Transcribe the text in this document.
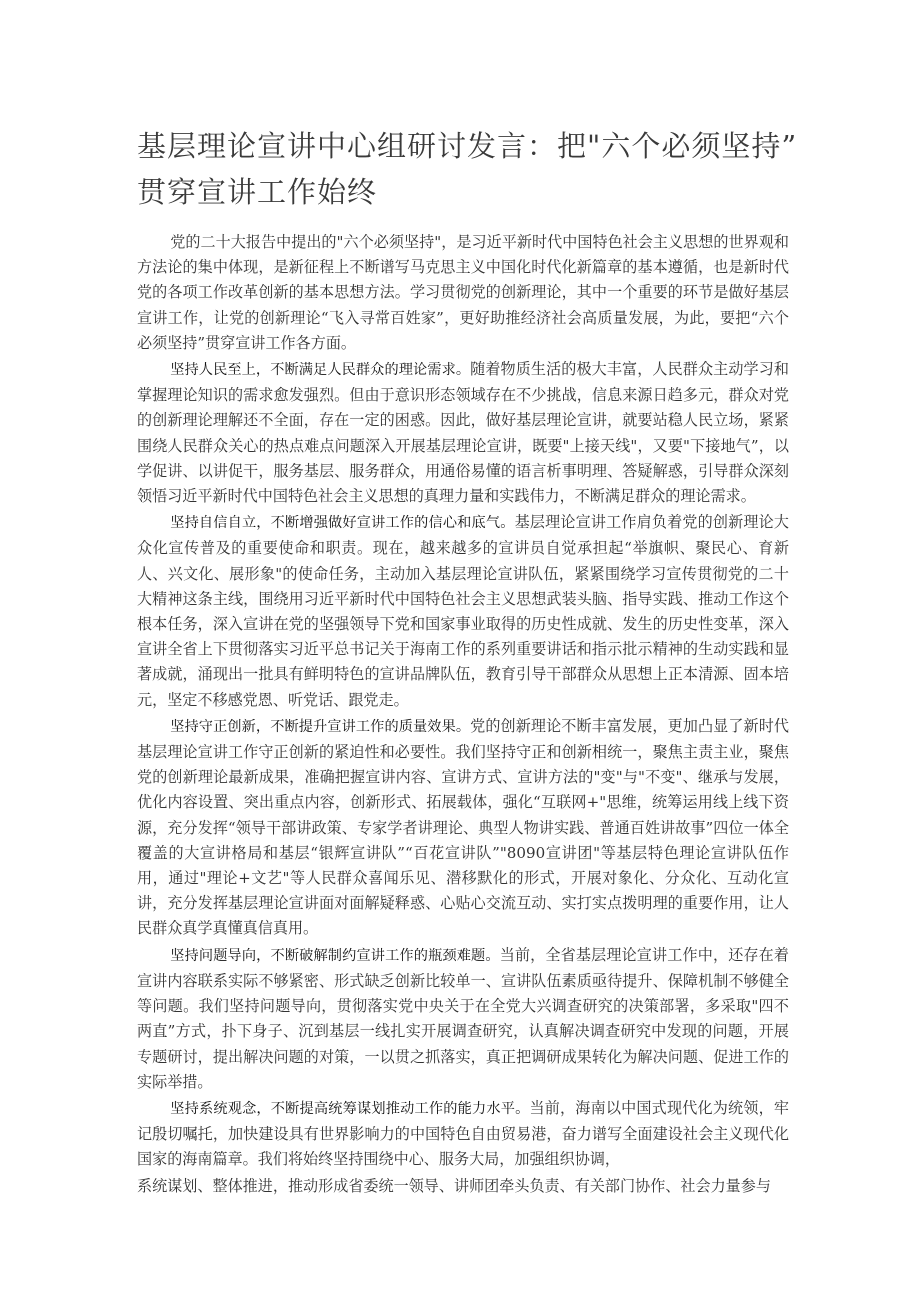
基层理论宣讲中心组研讨发言：把"六个必须坚持”
贯穿宣讲工作始终

党的二十大报告中提出的"六个必须坚持"，是习近平新时代中国特色社会主义思想的世界观和方法论的集中体现，是新征程上不断谱写马克思主义中国化时代化新篇章的基本遵循，也是新时代党的各项工作改革创新的基本思想方法。学习贯彻党的创新理论，其中一个重要的环节是做好基层宣讲工作，让党的创新理论“飞入寻常百姓家”，更好助推经济社会高质量发展，为此，要把“六个必须坚持”贯穿宣讲工作各方面。

坚持人民至上，不断满足人民群众的理论需求。随着物质生活的极大丰富，人民群众主动学习和掌握理论知识的需求愈发强烈。但由于意识形态领域存在不少挑战，信息来源日趋多元，群众对党的创新理论理解还不全面，存在一定的困惑。因此，做好基层理论宣讲，就要站稳人民立场，紧紧围绕人民群众关心的热点难点问题深入开展基层理论宣讲，既要"上接天线"，又要"下接地气”，以学促讲、以讲促干，服务基层、服务群众，用通俗易懂的语言析事明理、答疑解惑，引导群众深刻领悟习近平新时代中国特色社会主义思想的真理力量和实践伟力，不断满足群众的理论需求。

坚持自信自立，不断增强做好宣讲工作的信心和底气。基层理论宣讲工作肩负着党的创新理论大众化宣传普及的重要使命和职责。现在，越来越多的宣讲员自觉承担起“举旗帜、聚民心、育新人、兴文化、展形象"的使命任务，主动加入基层理论宣讲队伍，紧紧围绕学习宣传贯彻党的二十大精神这条主线，围绕用习近平新时代中国特色社会主义思想武装头脑、指导实践、推动工作这个根本任务，深入宣讲在党的坚强领导下党和国家事业取得的历史性成就、发生的历史性变革，深入宣讲全省上下贯彻落实习近平总书记关于海南工作的系列重要讲话和指示批示精神的生动实践和显著成就，涌现出一批具有鲜明特色的宣讲品牌队伍，教育引导干部群众从思想上正本清源、固本培元，坚定不移感党恩、听党话、跟党走。

坚持守正创新，不断提升宣讲工作的质量效果。党的创新理论不断丰富发展，更加凸显了新时代基层理论宣讲工作守正创新的紧迫性和必要性。我们坚持守正和创新相统一，聚焦主责主业，聚焦党的创新理论最新成果，准确把握宣讲内容、宣讲方式、宣讲方法的"变"与"不变"、继承与发展，优化内容设置、突出重点内容，创新形式、拓展载体，强化“互联网+"思维，统筹运用线上线下资源，充分发挥“领导干部讲政策、专家学者讲理论、典型人物讲实践、普通百姓讲故事”四位一体全覆盖的大宣讲格局和基层“银辉宣讲队”“百花宣讲队”"8090宣讲团"等基层特色理论宣讲队伍作用，通过"理论+文艺"等人民群众喜闻乐见、潜移默化的形式，开展对象化、分众化、互动化宣讲，充分发挥基层理论宣讲面对面解疑释惑、心贴心交流互动、实打实点拨明理的重要作用，让人民群众真学真懂真信真用。

坚持问题导向，不断破解制约宣讲工作的瓶颈难题。当前，全省基层理论宣讲工作中，还存在着宣讲内容联系实际不够紧密、形式缺乏创新比较单一、宣讲队伍素质亟待提升、保障机制不够健全等问题。我们坚持问题导向，贯彻落实党中央关于在全党大兴调查研究的决策部署，多采取"四不两直”方式，扑下身子、沉到基层一线扎实开展调查研究，认真解决调查研究中发现的问题，开展专题研讨，提出解决问题的对策，一以贯之抓落实，真正把调研成果转化为解决问题、促进工作的实际举措。

坚持系统观念，不断提高统筹谋划推动工作的能力水平。当前，海南以中国式现代化为统领，牢记殷切嘱托，加快建设具有世界影响力的中国特色自由贸易港，奋力谱写全面建设社会主义现代化国家的海南篇章。我们将始终坚持围绕中心、服务大局，加强组织协调，

系统谋划、整体推进，推动形成省委统一领导、讲师团牵头负责、有关部门协作、社会力量参与
